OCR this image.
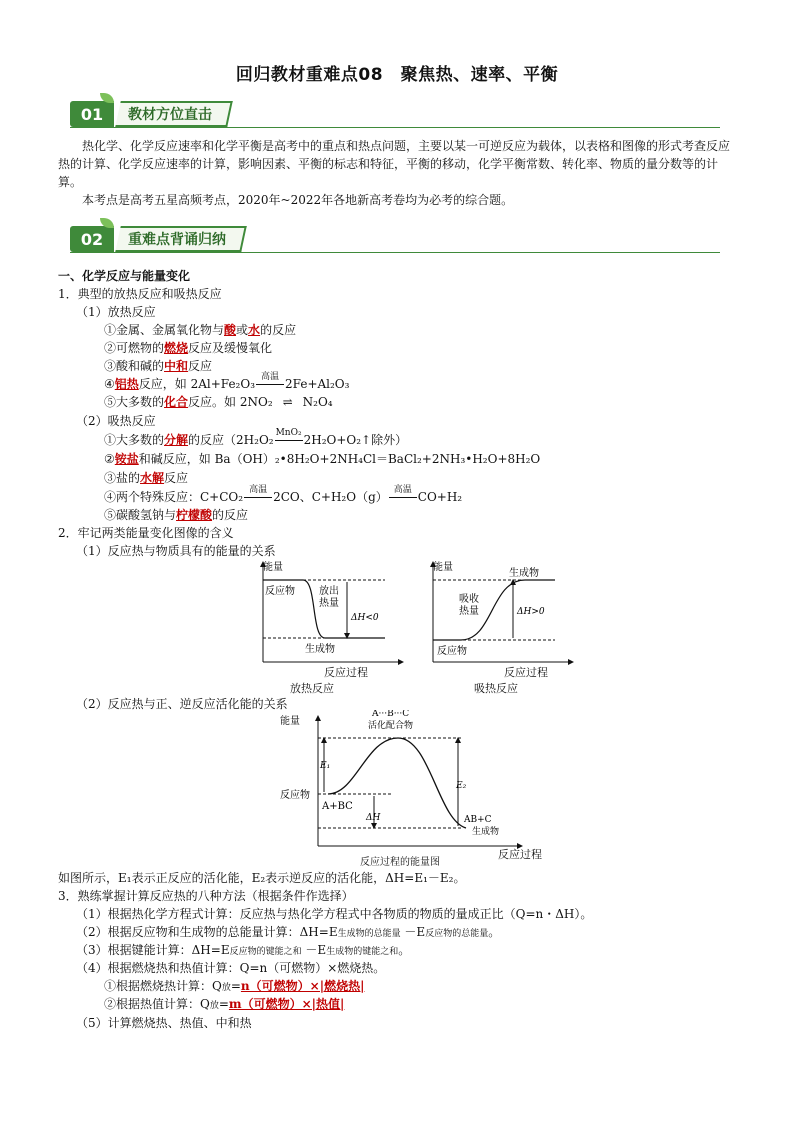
回归教材重难点08　聚焦热、速率、平衡
01 教材方位直击
热化学、化学反应速率和化学平衡是高考中的重点和热点问题，主要以某一可逆反应为载体，以表格和图像的形式考查反应热的计算、化学反应速率的计算，影响因素、平衡的标志和特征，平衡的移动，化学平衡常数、转化率、物质的量分数等的计算。
本考点是高考五星高频考点，2020年~2022年各地新高考卷均为必考的综合题。
02 重难点背诵归纳
一、化学反应与能量变化
1．典型的放热反应和吸热反应
（1）放热反应
①金属、金属氧化物与酸或水的反应
②可燃物的燃烧反应及缓慢氧化
③酸和碱的中和反应
④铝热反应，如 2Al+Fe₂O₃ 高温 2Fe+Al₂O₃
⑤大多数的化合反应。如 2NO₂ ⇌ N₂O₄
（2）吸热反应
①大多数的分解的反应（2H₂O₂ MnO₂ 2H₂O+O₂↑除外）
②铵盐和碱反应，如 Ba（OH）₂•8H₂O+2NH₄Cl＝BaCl₂+2NH₃•H₂O+8H₂O
③盐的水解反应
④两个特殊反应：C+CO₂ 高温 2CO、C+H₂O（g） 高温 CO+H₂
⑤碳酸氢钠与柠檬酸的反应
2．牢记两类能量变化图像的含义
（1）反应热与物质具有的能量的关系
能量
反应物 放出
热量
ΔH<0
生成物
反应过程
放热反应
能量
生成物
吸收
热量	ΔH>0
反应物
反应过程
吸热反应
（2）反应热与正、逆反应活化能的关系
能量
A···B···C
活化配合物
E₁
E₂
反应物
A+BC
ΔH	AB+C
生成物
反应过程
反应过程的能量图
如图所示，E₁表示正反应的活化能，E₂表示逆反应的活化能，ΔH=E₁－E₂。
3．熟练掌握计算反应热的八种方法（根据条件作选择）
（1）根据热化学方程式计算：反应热与热化学方程式中各物质的物质的量成正比（Q=n・ΔH）。
（2）根据反应物和生成物的总能量计算：ΔH=E生成物的总能量 －E反应物的总能量。
（3）根据键能计算：ΔH=E反应物的键能之和 －E生成物的键能之和。
（4）根据燃烧热和热值计算：Q=n（可燃物）×燃烧热。
①根据燃烧热计算：Q放=n（可燃物）×|燃烧热|
②根据热值计算：Q放=m（可燃物）×|热值|
（5）计算燃烧热、热值、中和热
